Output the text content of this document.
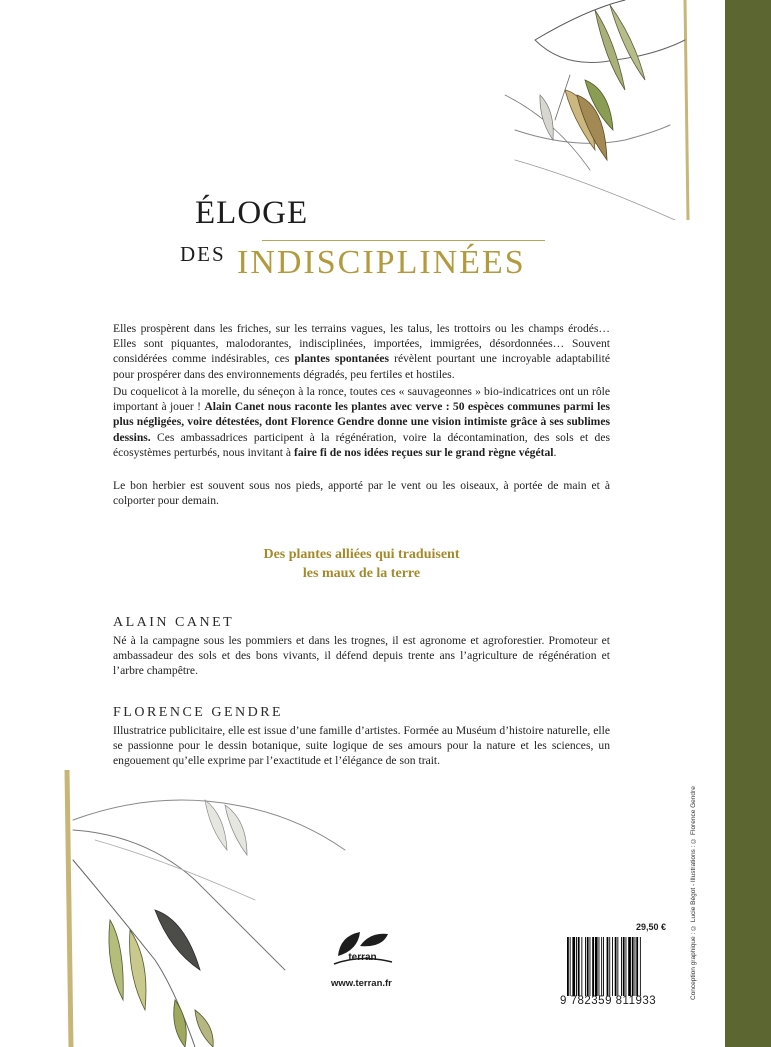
ÉLOGE
DES INDISCIPLINÉES

Elles prospèrent dans les friches, sur les terrains vagues, les talus, les trottoirs ou les champs érodés… Elles sont piquantes, malodorantes, indisciplinées, importées, immigrées, désordonnées… Souvent considérées comme indésirables, ces plantes spontanées révèlent pourtant une incroyable adaptabilité pour prospérer dans des environnements dégradés, peu fertiles et hostiles.

Du coquelicot à la morelle, du séneçon à la ronce, toutes ces « sauvageonnes » bio-indicatrices ont un rôle important à jouer ! Alain Canet nous raconte les plantes avec verve : 50 espèces communes parmi les plus négligées, voire détestées, dont Florence Gendre donne une vision intimiste grâce à ses sublimes dessins. Ces ambassadrices participent à la régénération, voire la décontamination, des sols et des écosystèmes perturbés, nous invitant à faire fi de nos idées reçues sur le grand règne végétal.

Le bon herbier est souvent sous nos pieds, apporté par le vent ou les oiseaux, à portée de main et à colporter pour demain.

Des plantes alliées qui traduisent
les maux de la terre
ALAIN CANET

Né à la campagne sous les pommiers et dans les trognes, il est agronome et agroforestier. Promoteur et ambassadeur des sols et des bons vivants, il défend depuis trente ans l’agriculture de régénération et l’arbre champêtre.

FLORENCE GENDRE

Illustratrice publicitaire, elle est issue d’une famille d’artistes. Formée au Muséum d’histoire naturelle, elle se passionne pour le dessin botanique, suite logique de ses amours pour la nature et les sciences, un engouement qu’elle exprime par l’exactitude et l’élégance de son trait.

terran
www.terran.fr
29,50 €
9 782359 811933
Conception graphique : © Lucie Bégot - Illustrations : © Florence Gendre
